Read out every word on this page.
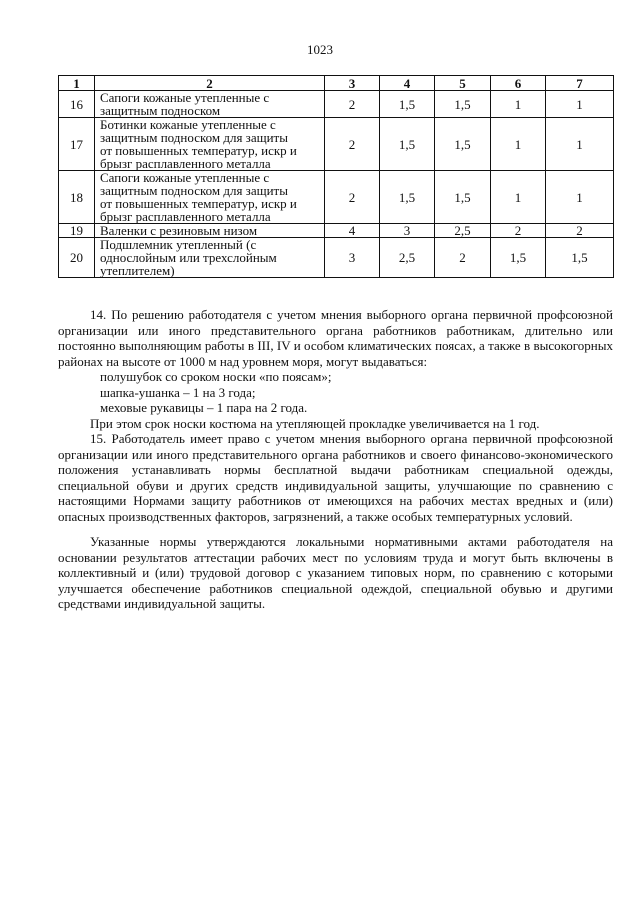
1023
1	2	3	4	5	6	7
16	Сапоги кожаные утепленные с
защитным подноском	2	1,5	1,5	1	1
17	Ботинки кожаные утепленные с
защитным подноском для защиты
от повышенных температур, искр и
брызг расплавленного металла	2	1,5	1,5	1	1
18	Сапоги кожаные утепленные с
защитным подноском для защиты
от повышенных температур, искр и
брызг расплавленного металла	2	1,5	1,5	1	1
19	Валенки с резиновым низом	4	3	2,5	2	2
20	Подшлемник утепленный (с
однослойным или трехслойным
утеплителем)	3	2,5	2	1,5	1,5

14. По решению работодателя с учетом мнения выборного органа первичной профсоюзной организации или иного представительного органа работников работникам, длительно или постоянно выполняющим работы в III, IV и особом климатических поясах, а также в высокогорных районах на высоте от 1000 м над уровнем моря, могут выдаваться:

полушубок со сроком носки «по поясам»;

шапка-ушанка – 1 на 3 года;

меховые рукавицы – 1 пара на 2 года.

При этом срок носки костюма на утепляющей прокладке увеличивается на 1 год.

15. Работодатель имеет право с учетом мнения выборного органа первичной профсоюзной организации или иного представительного органа работников и своего финансово-экономического положения устанавливать нормы бесплатной выдачи работникам специальной одежды, специальной обуви и других средств индивидуальной защиты, улучшающие по сравнению с настоящими Нормами защиту работников от имеющихся на рабочих местах вредных и (или) опасных производственных факторов, загрязнений, а также особых температурных условий.

Указанные нормы утверждаются локальными нормативными актами работодателя на основании результатов аттестации рабочих мест по условиям труда и могут быть включены в коллективный и (или) трудовой договор с указанием типовых норм, по сравнению с которыми улучшается обеспечение работников специальной одеждой, специальной обувью и другими средствами индивидуальной защиты.
